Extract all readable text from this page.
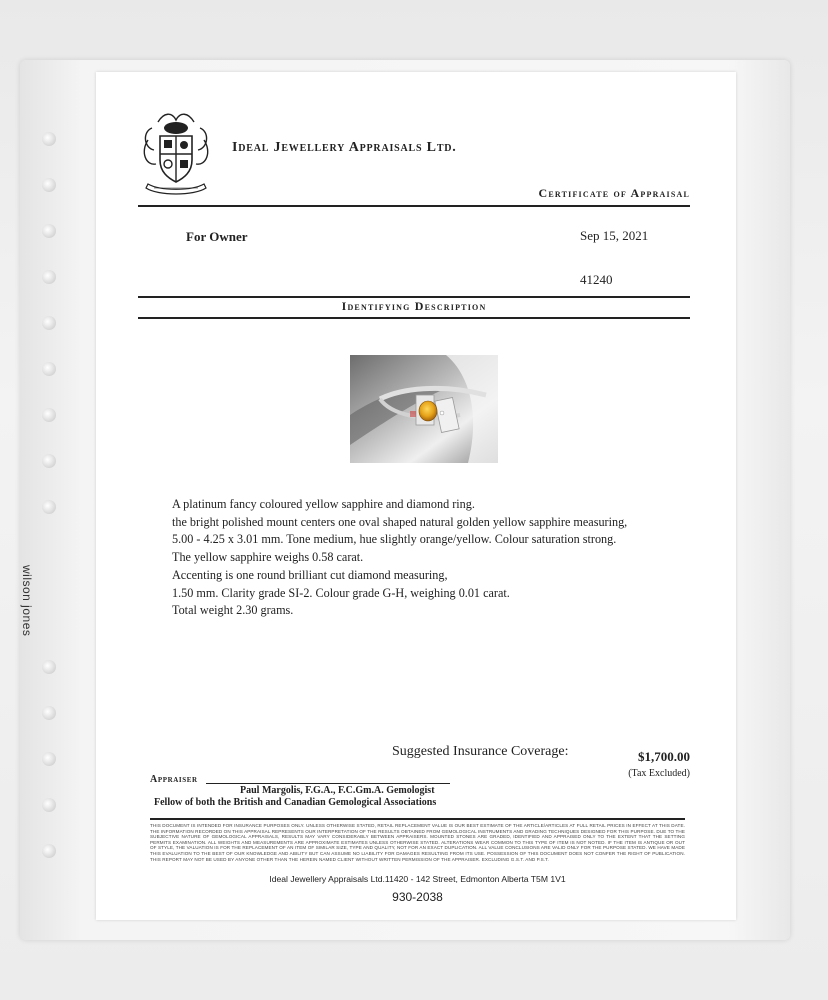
wilson jones
Ideal Jewellery Appraisals Ltd.
Certificate of Appraisal
For Owner	Sep 15, 2021
41240
Identifying Description
A platinum fancy coloured yellow sapphire and diamond ring.
the bright polished mount centers one oval shaped natural golden yellow sapphire measuring,
5.00 - 4.25 x 3.01 mm. Tone medium, hue slightly orange/yellow. Colour saturation strong.
The yellow sapphire weighs 0.58 carat.
Accenting is one round brilliant cut diamond measuring,
1.50 mm. Clarity grade SI-2. Colour grade G-H, weighing 0.01 carat.
Total weight 2.30 grams.
Suggested Insurance Coverage:	$1,700.00
(Tax Excluded)
Appraiser
Paul Margolis, F.G.A., F.C.Gm.A. Gemologist
Fellow of both the British and Canadian Gemological Associations
THIS DOCUMENT IS INTENDED FOR INSURANCE PURPOSES ONLY. UNLESS OTHERWISE STATED, RETAIL REPLACEMENT VALUE IS OUR BEST ESTIMATE OF THE ARTICLE/ARTICLES AT FULL RETAIL PRICES IN EFFECT AT THIS DATE. THE INFORMATION RECORDED ON THIS APPRAISAL REPRESENTS OUR INTERPRETATION OF THE RESULTS OBTAINED FROM GEMOLOGICAL INSTRUMENTS AND GRADING TECHNIQUES DESIGNED FOR THIS PURPOSE. DUE TO THE SUBJECTIVE NATURE OF GEMOLOGICAL APPRAISALS, RESULTS MAY VARY CONSIDERABLY BETWEEN APPRAISERS. MOUNTED STONES ARE GRADED, IDENTIFIED AND APPRAISED ONLY TO THE EXTENT THAT THE SETTING PERMITS EXAMINATION. ALL WEIGHTS AND MEASUREMENTS ARE APPROXIMATE ESTIMATES UNLESS OTHERWISE STATED. ALTERATIONS WEAR COMMON TO THIS TYPE OF ITEM IS NOT NOTED. IF THE ITEM IS ANTIQUE OR OUT OF STYLE, THE VALUATION IS FOR THE REPLACEMENT OF AN ITEM OF SIMILAR SIZE, TYPE AND QUALITY, NOT FOR AN EXACT DUPLICATION. ALL VALUE CONCLUSIONS ARE VALID ONLY FOR THE PURPOSE STATED. WE HAVE MADE THIS EVALUATION TO THE BEST OF OUR KNOWLEDGE AND ABILITY BUT CAN ASSUME NO LIABILITY FOR DAMAGES RESULTING FROM ITS USE. POSSESSION OF THIS DOCUMENT DOES NOT CONFER THE RIGHT OF PUBLICATION. THIS REPORT MAY NOT BE USED BY ANYONE OTHER THAN THE HEREIN NAMED CLIENT WITHOUT WRITTEN PERMISSION OF THE APPRAISER. EXCLUDING G.S.T. AND P.S.T.
Ideal Jewellery Appraisals Ltd.11420 - 142 Street, Edmonton Alberta T5M 1V1
930-2038
